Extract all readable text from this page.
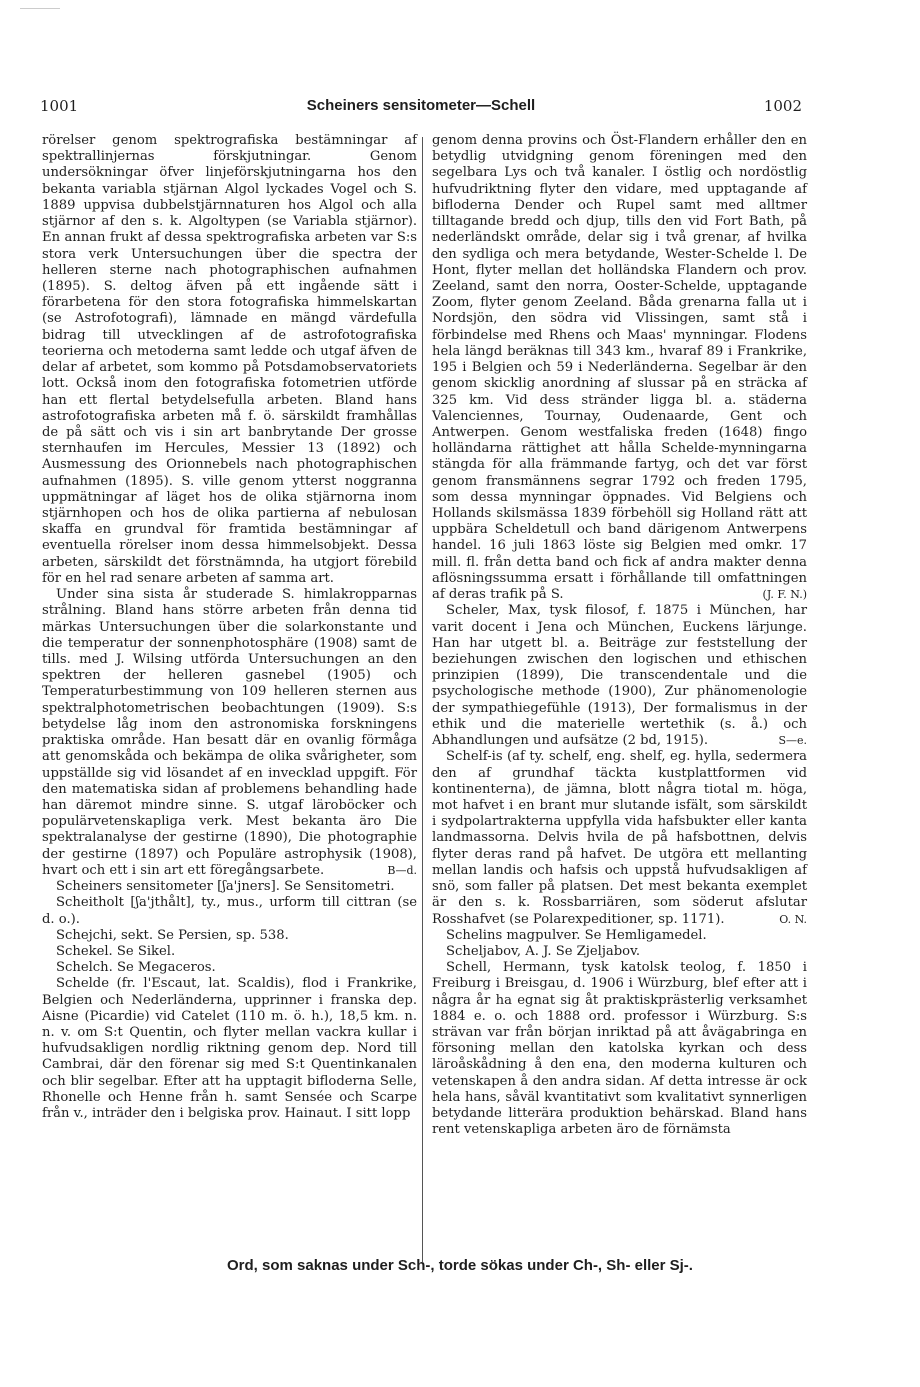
1001	Scheiners sensitometer—Schell	1002

rörelser genom spektrografiska bestämningar af spektrallinjernas förskjutningar. Genom undersökningar öfver linjeförskjutningarna hos den bekanta variabla stjärnan Algol lyckades Vogel och S. 1889 uppvisa dubbelstjärnnaturen hos Algol och alla stjärnor af den s. k. Algoltypen (se Variabla stjärnor). En annan frukt af dessa spektrografiska arbeten var S:s stora verk Untersuchungen über die spectra der helleren sterne nach photographischen aufnahmen (1895). S. deltog äfven på ett ingående sätt i förarbetena för den stora fotografiska himmelskartan (se Astrofotografi), lämnade en mängd värdefulla bidrag till utvecklingen af de astrofotografiska teorierna och metoderna samt ledde och utgaf äfven de delar af arbetet, som kommo på Potsdamobservatoriets lott. Också inom den fotografiska fotometrien utförde han ett flertal betydelsefulla arbeten. Bland hans astrofotografiska arbeten må f. ö. särskildt framhållas de på sätt och vis i sin art banbrytande Der grosse sternhaufen im Hercules, Messier 13 (1892) och Ausmessung des Orionnebels nach photographischen aufnahmen (1895). S. ville genom ytterst noggranna uppmätningar af läget hos de olika stjärnorna inom stjärnhopen och hos de olika partierna af nebulosan skaffa en grundval för framtida bestämningar af eventuella rörelser inom dessa himmelsobjekt. Dessa arbeten, särskildt det förstnämnda, ha utgjort förebild för en hel rad senare arbeten af samma art.

Under sina sista år studerade S. himlakropparnas strålning. Bland hans större arbeten från denna tid märkas Untersuchungen über die solarkonstante und die temperatur der sonnenphotosphäre (1908) samt de tills. med J. Wilsing utförda Untersuchungen an den spektren der helleren gasnebel (1905) och Temperaturbestimmung von 109 helleren sternen aus spektralphotometrischen beobachtungen (1909). S:s betydelse låg inom den astronomiska forskningens praktiska område. Han besatt där en ovanlig förmåga att genomskåda och bekämpa de olika svårigheter, som uppställde sig vid lösandet af en invecklad uppgift. För den matematiska sidan af problemens behandling hade han däremot mindre sinne. S. utgaf läroböcker och populärvetenskapliga verk. Mest bekanta äro Die spektralanalyse der gestirne (1890), Die photographie der gestirne (1897) och Populäre astrophysik (1908), hvart och ett i sin art ett föregångsarbete.	B—d.

Scheiners sensitometer [ʃa'jners]. Se Sensitometri.

Scheitholt [ʃa'jthålt], ty., mus., urform till cittran (se d. o.).

Schejchi, sekt. Se Persien, sp. 538.

Schekel. Se Sikel.

Schelch. Se Megaceros.

Schelde (fr. l'Escaut, lat. Scaldis), flod i Frankrike, Belgien och Nederländerna, upprinner i franska dep. Aisne (Picardie) vid Catelet (110 m. ö. h.), 18,5 km. n. n. v. om S:t Quentin, och flyter mellan vackra kullar i hufvudsakligen nordlig riktning genom dep. Nord till Cambrai, där den förenar sig med S:t Quentinkanalen och blir segelbar. Efter att ha upptagit bifloderna Selle, Rhonelle och Henne från h. samt Sensée och Scarpe från v., inträder den i belgiska prov. Hainaut. I sitt lopp

genom denna provins och Öst-Flandern erhåller den en betydlig utvidgning genom föreningen med den segelbara Lys och två kanaler. I östlig och nordöstlig hufvudriktning flyter den vidare, med upptagande af bifloderna Dender och Rupel samt med alltmer tilltagande bredd och djup, tills den vid Fort Bath, på nederländskt område, delar sig i två grenar, af hvilka den sydliga och mera betydande, Wester-Schelde l. De Hont, flyter mellan det holländska Flandern och prov. Zeeland, samt den norra, Ooster-Schelde, upptagande Zoom, flyter genom Zeeland. Båda grenarna falla ut i Nordsjön, den södra vid Vlissingen, samt stå i förbindelse med Rhens och Maas' mynningar. Flodens hela längd beräknas till 343 km., hvaraf 89 i Frankrike, 195 i Belgien och 59 i Nederländerna. Segelbar är den genom skicklig anordning af slussar på en sträcka af 325 km. Vid dess stränder ligga bl. a. städerna Valenciennes, Tournay, Oudenaarde, Gent och Antwerpen. Genom westfaliska freden (1648) fingo holländarna rättighet att hålla Schelde-mynningarna stängda för alla främmande fartyg, och det var först genom fransmännens segrar 1792 och freden 1795, som dessa mynningar öppnades. Vid Belgiens och Hollands skilsmässa 1839 förbehöll sig Holland rätt att uppbära Scheldetull och band därigenom Antwerpens handel. 16 juli 1863 löste sig Belgien med omkr. 17 mill. fl. från detta band och fick af andra makter denna aflösningssumma ersatt i förhållande till omfattningen af deras trafik på S.	(J. F. N.)

Scheler, Max, tysk filosof, f. 1875 i München, har varit docent i Jena och München, Euckens lärjunge. Han har utgett bl. a. Beiträge zur feststellung der beziehungen zwischen den logischen und ethischen prinzipien (1899), Die transcendentale und die psychologische methode (1900), Zur phänomenologie der sympathiegefühle (1913), Der formalismus in der ethik und die materielle wertethik (s. å.) och Abhandlungen und aufsätze (2 bd, 1915).	S—e.

Schelf-is (af ty. schelf, eng. shelf, eg. hylla, sedermera den af grundhaf täckta kustplattformen vid kontinenterna), de jämna, blott några tiotal m. höga, mot hafvet i en brant mur slutande isfält, som särskildt i sydpolartrakterna uppfylla vida hafsbukter eller kanta landmassorna. Delvis hvila de på hafsbottnen, delvis flyter deras rand på hafvet. De utgöra ett mellanting mellan landis och hafsis och uppstå hufvudsakligen af snö, som faller på platsen. Det mest bekanta exemplet är den s. k. Rossbarriären, som söderut afslutar Rosshafvet (se Polarexpeditioner, sp. 1171).	O. N.

Schelins magpulver. Se Hemligamedel.

Scheljabov, A. J. Se Zjeljabov.

Schell, Hermann, tysk katolsk teolog, f. 1850 i Freiburg i Breisgau, d. 1906 i Würzburg, blef efter att i några år ha egnat sig åt praktiskprästerlig verksamhet 1884 e. o. och 1888 ord. professor i Würzburg. S:s strävan var från början inriktad på att åvägabringa en försoning mellan den katolska kyrkan och dess läroåskådning å den ena, den moderna kulturen och vetenskapen å den andra sidan. Af detta intresse är ock hela hans, såväl kvantitativt som kvalitativt synnerligen betydande litterära produktion behärskad. Bland hans rent vetenskapliga arbeten äro de förnämsta

Ord, som saknas under Sch-, torde sökas under Ch-, Sh- eller Sj-.
